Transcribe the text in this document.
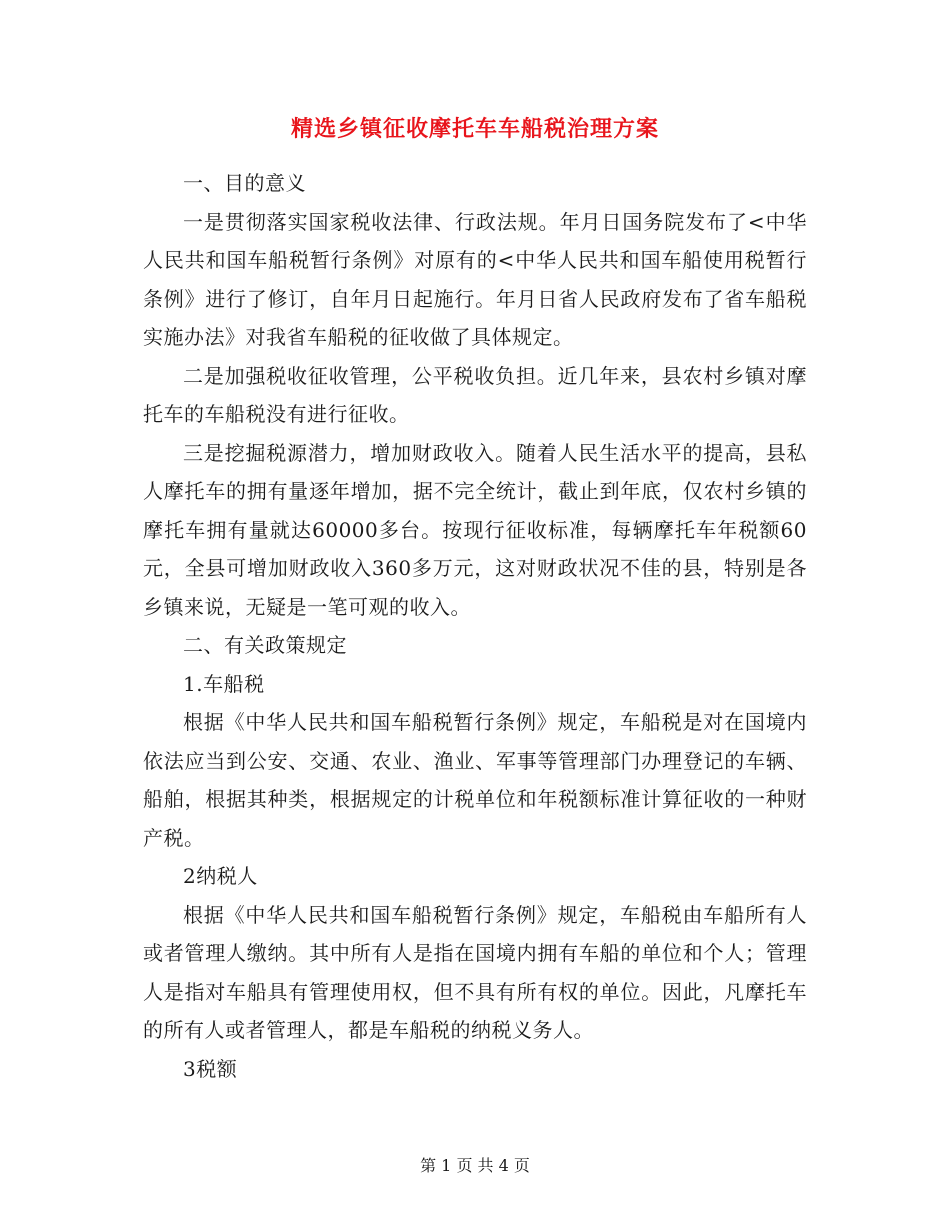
精选乡镇征收摩托车车船税治理方案

一、目的意义

一是贯彻落实国家税收法律、行政法规。年月日国务院发布了<中华人民共和国车船税暂行条例》对原有的<中华人民共和国车船使用税暂行条例》进行了修订，自年月日起施行。年月日省人民政府发布了省车船税实施办法》对我省车船税的征收做了具体规定。

二是加强税收征收管理，公平税收负担。近几年来，县农村乡镇对摩托车的车船税没有进行征收。

三是挖掘税源潜力，增加财政收入。随着人民生活水平的提高，县私人摩托车的拥有量逐年增加，据不完全统计，截止到年底，仅农村乡镇的摩托车拥有量就达60000多台。按现行征收标准，每辆摩托车年税额60元，全县可增加财政收入360多万元，这对财政状况不佳的县，特别是各乡镇来说，无疑是一笔可观的收入。

二、有关政策规定

1.车船税

根据《中华人民共和国车船税暂行条例》规定，车船税是对在国境内依法应当到公安、交通、农业、渔业、军事等管理部门办理登记的车辆、船舶，根据其种类，根据规定的计税单位和年税额标准计算征收的一种财产税。

2纳税人

根据《中华人民共和国车船税暂行条例》规定，车船税由车船所有人或者管理人缴纳。其中所有人是指在国境内拥有车船的单位和个人；管理人是指对车船具有管理使用权，但不具有所有权的单位。因此，凡摩托车的所有人或者管理人，都是车船税的纳税义务人。

3税额

第 1 页 共 4 页
